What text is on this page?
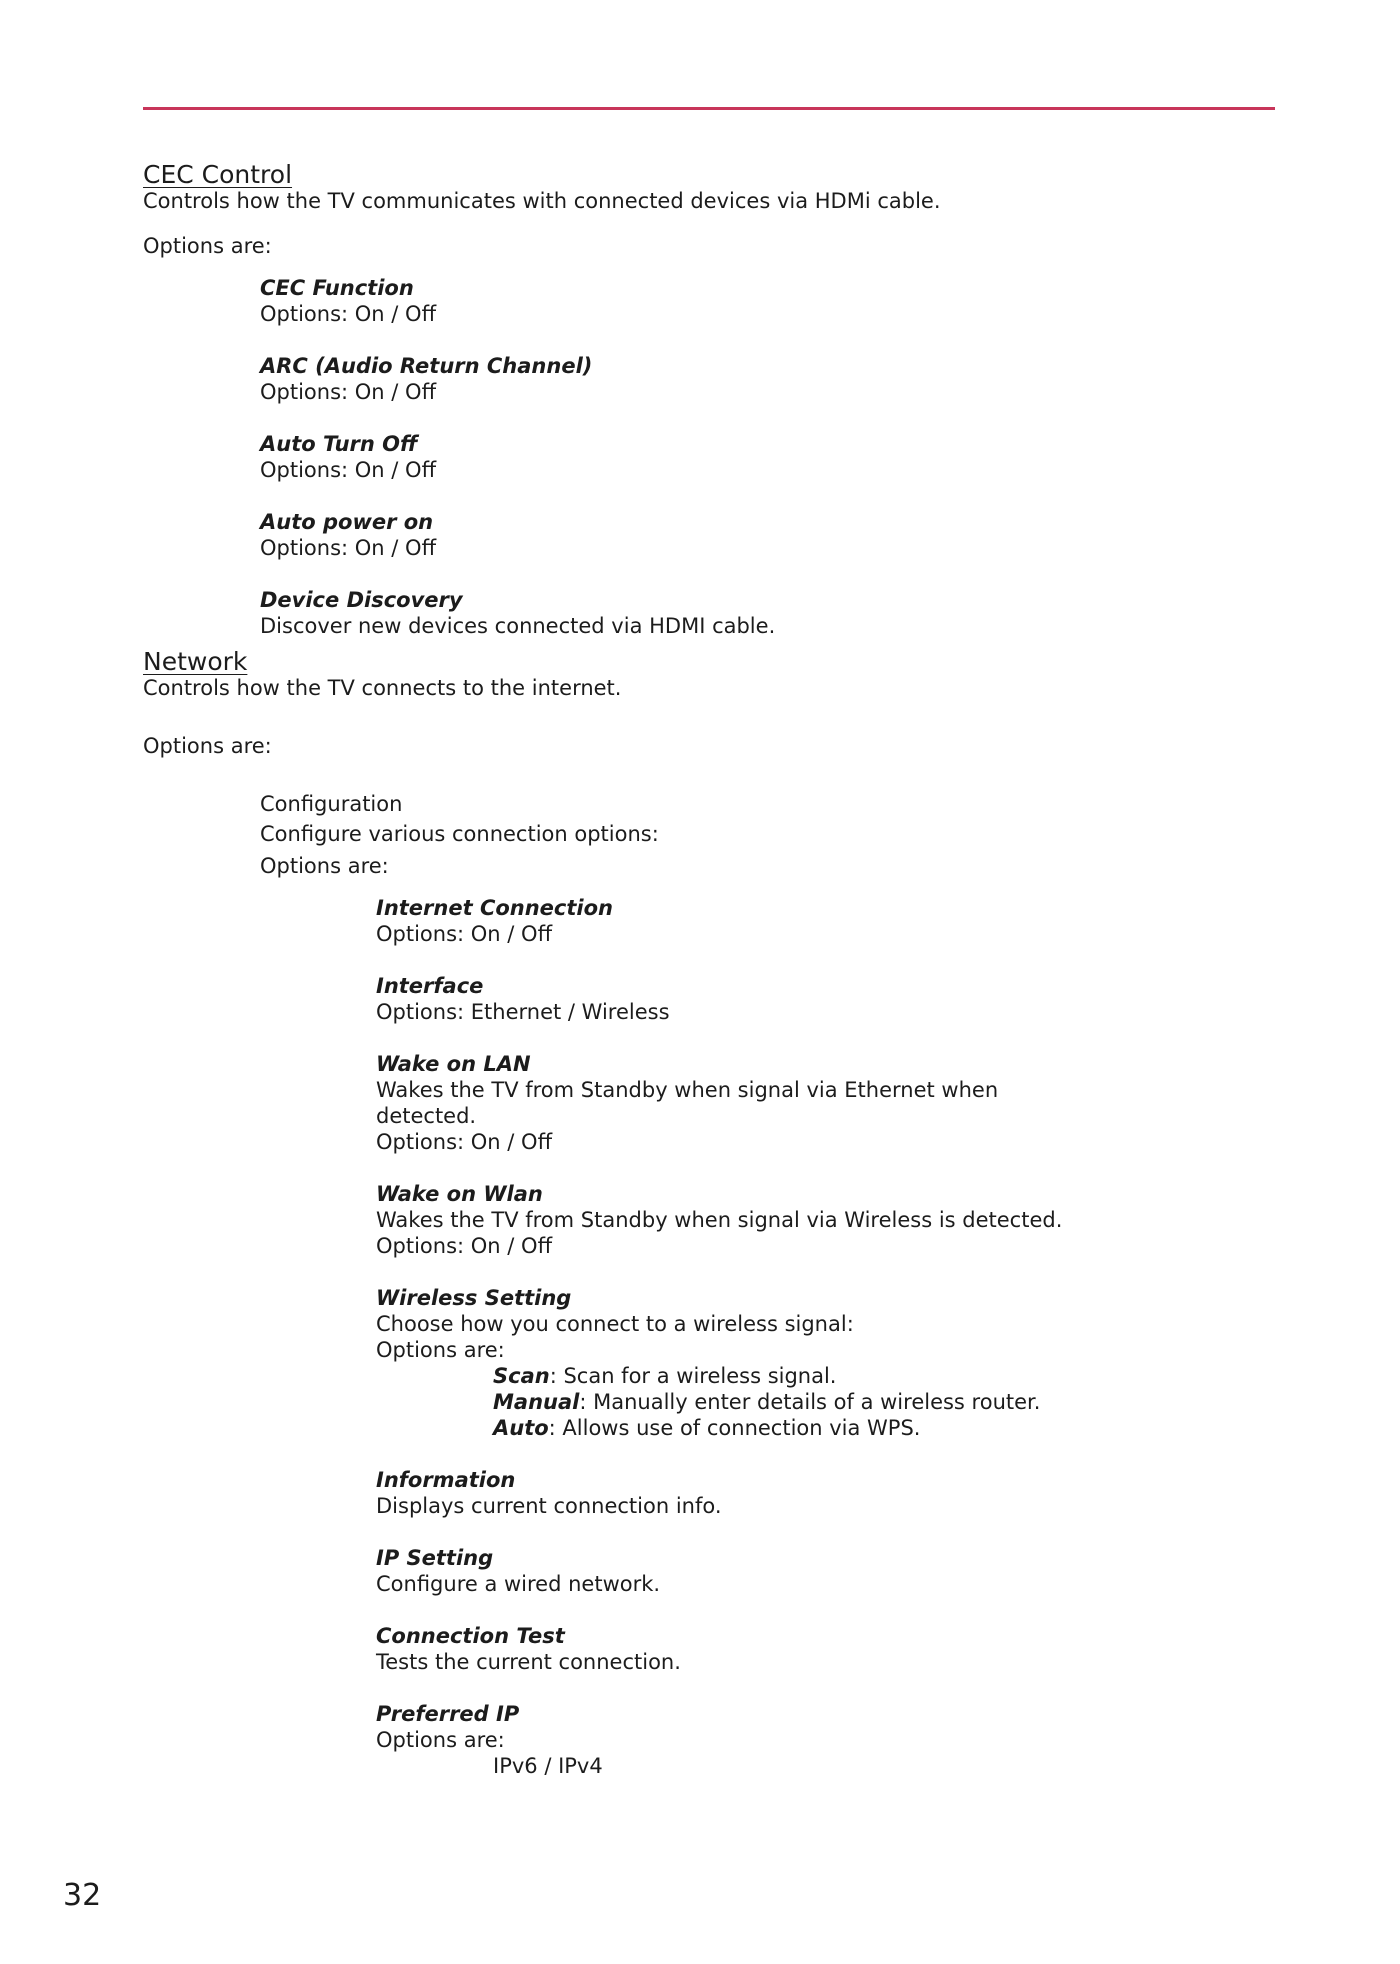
CEC Control
Controls how the TV communicates with connected devices via HDMi cable.
Options are:
CEC Function
Options: On / Off
ARC (Audio Return Channel)
Options: On / Off
Auto Turn Off
Options: On / Off
Auto power on
Options: On / Off
Device Discovery
Discover new devices connected via HDMI cable.
Network
Controls how the TV connects to the internet.
Options are:
Configuration
Configure various connection options:
Options are:
Internet Connection
Options: On / Off
Interface
Options: Ethernet / Wireless
Wake on LAN
Wakes the TV from Standby when signal via Ethernet when
detected.
Options: On / Off
Wake on Wlan
Wakes the TV from Standby when signal via Wireless is detected.
Options: On / Off
Wireless Setting
Choose how you connect to a wireless signal:
Options are:
Scan: Scan for a wireless signal.
Manual: Manually enter details of a wireless router.
Auto: Allows use of connection via WPS.
Information
Displays current connection info.
IP Setting
Configure a wired network.
Connection Test
Tests the current connection.
Preferred IP
Options are:
IPv6 / IPv4
32
